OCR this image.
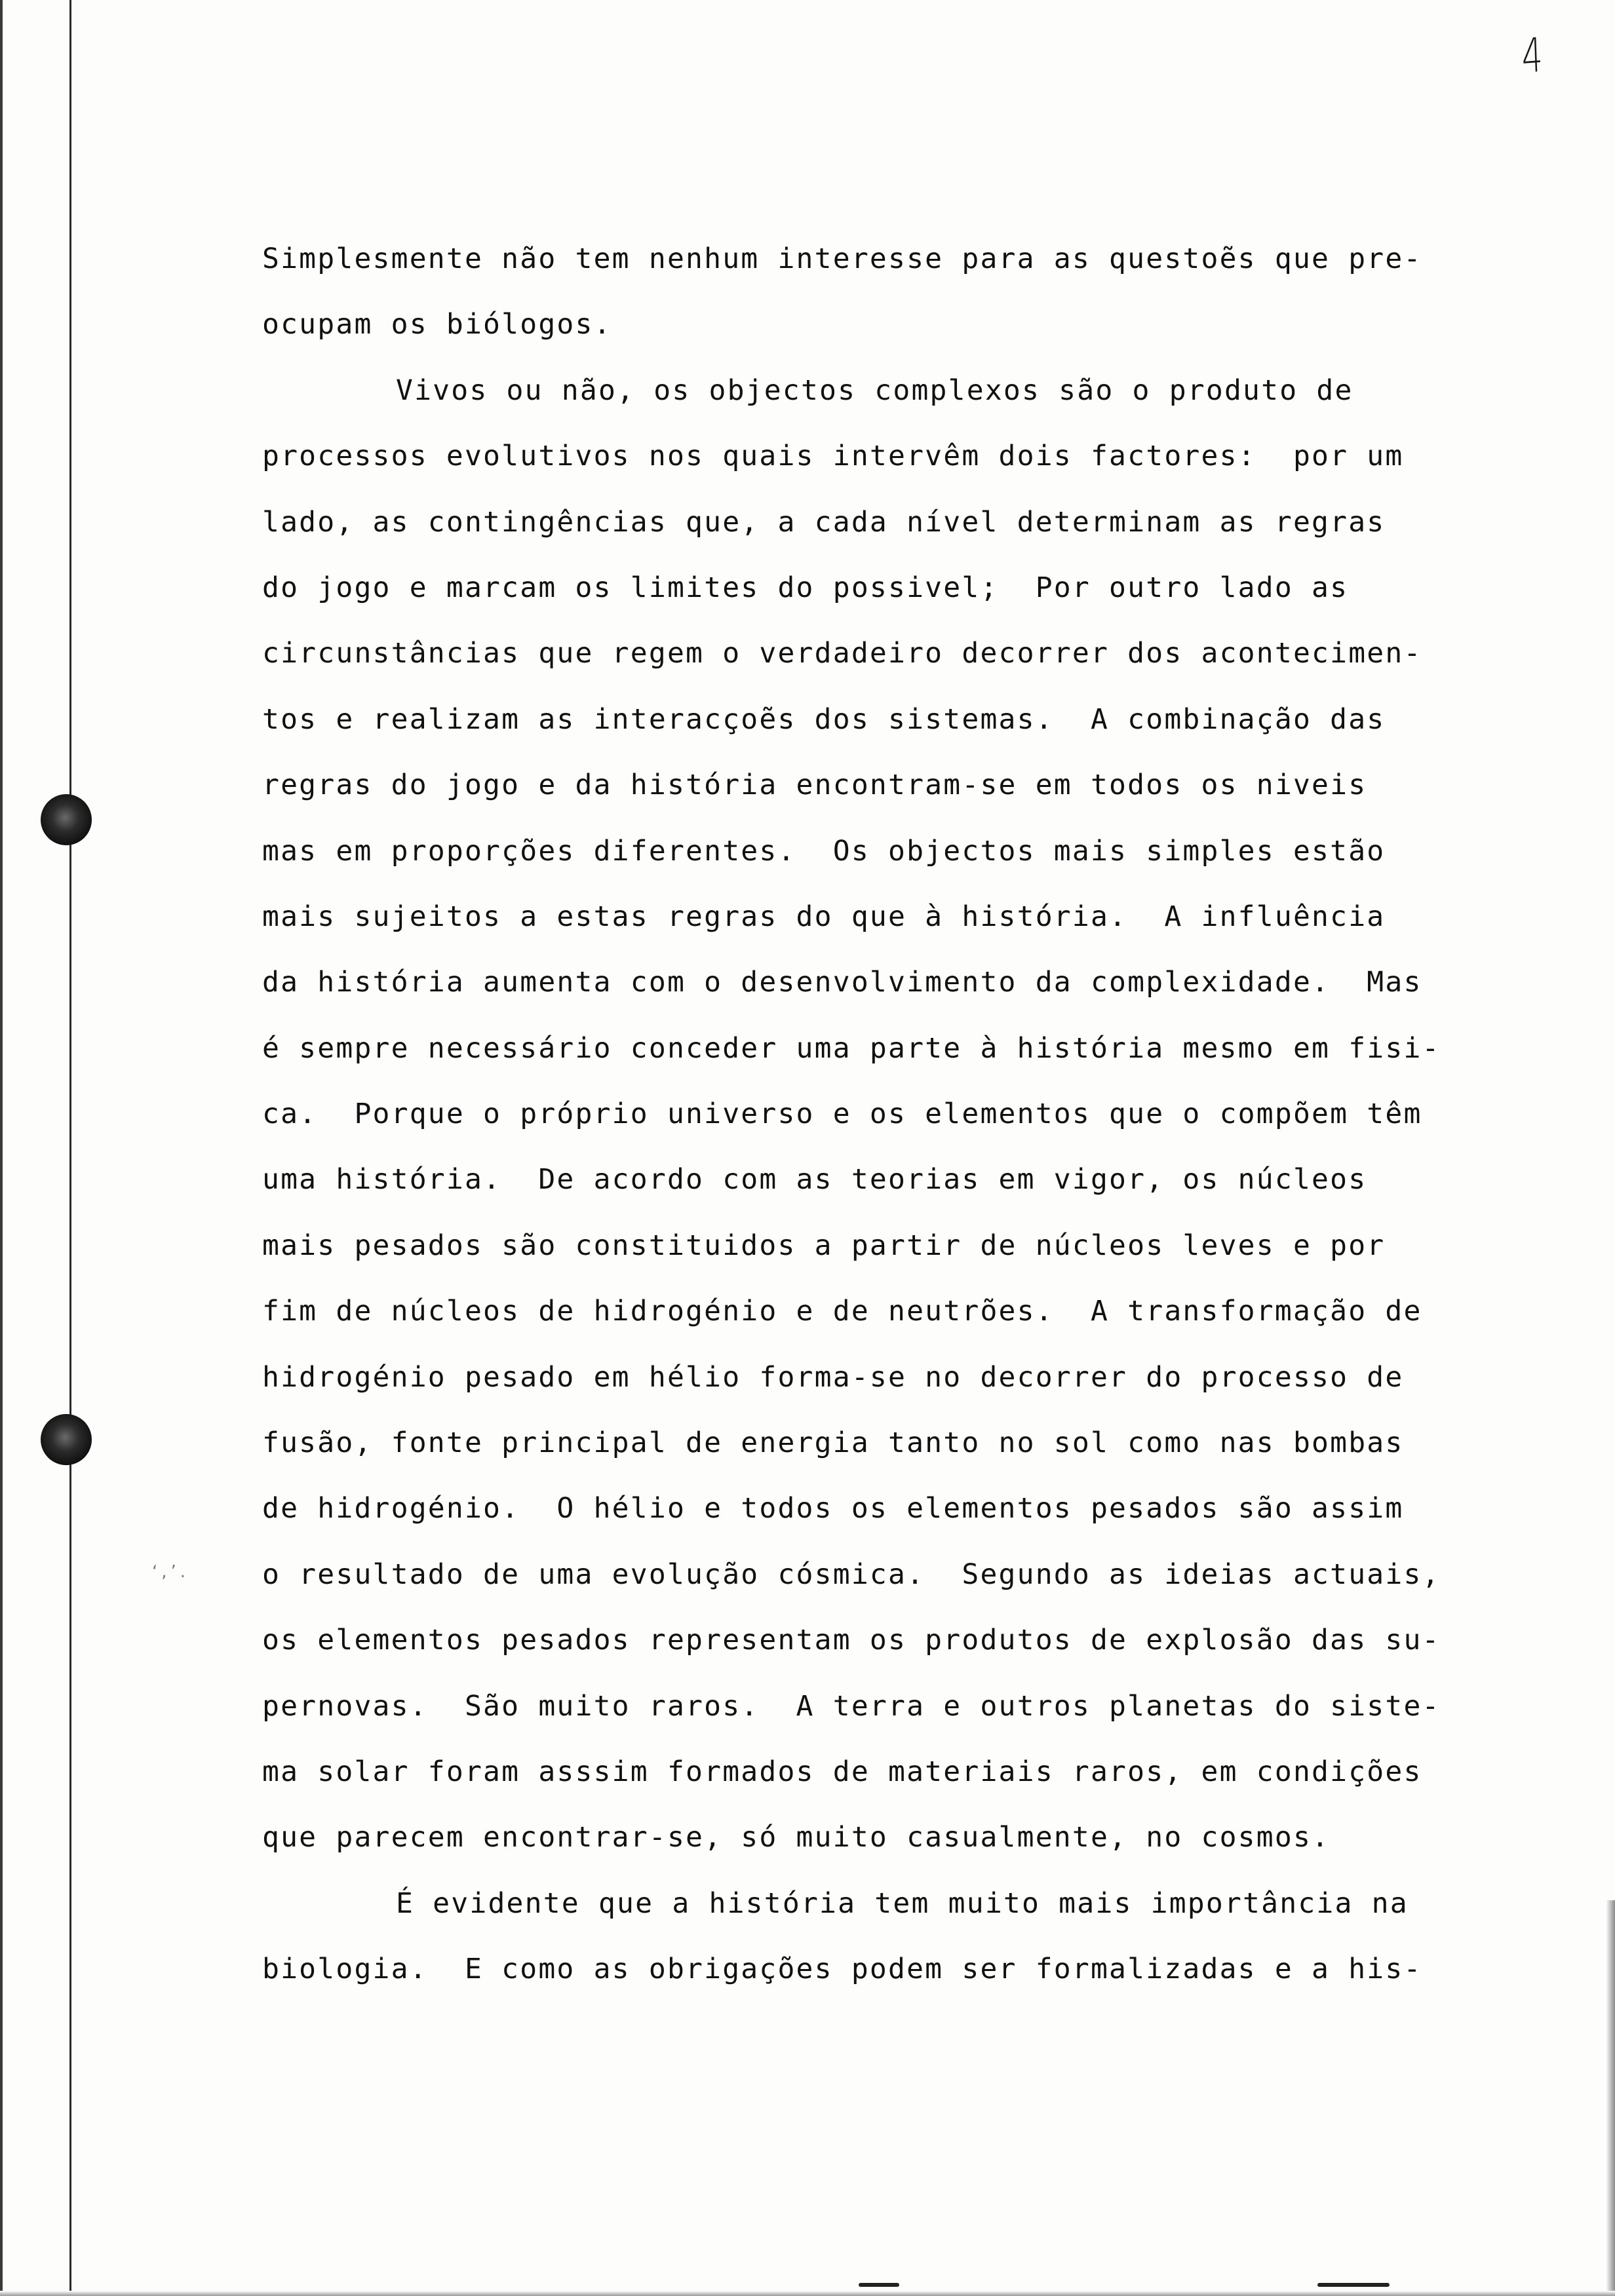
4
ʻ,ʼ.
Simplesmente não tem nenhum interesse para as questoẽs que pre-
ocupam os biólogos.
Vivos ou não, os objectos complexos são o produto de
processos evolutivos nos quais intervêm dois factores:  por um
lado, as contingências que, a cada nível determinam as regras
do jogo e marcam os limites do possivel;  Por outro lado as
circunstâncias que regem o verdadeiro decorrer dos acontecimen-
tos e realizam as interacçoẽs dos sistemas.  A combinação das
regras do jogo e da história encontram-se em todos os niveis
mas em proporções diferentes.  Os objectos mais simples estão
mais sujeitos a estas regras do que à história.  A influência
da história aumenta com o desenvolvimento da complexidade.  Mas
é sempre necessário conceder uma parte à história mesmo em fisi-
ca.  Porque o próprio universo e os elementos que o compõem têm
uma história.  De acordo com as teorias em vigor, os núcleos
mais pesados são constituidos a partir de núcleos leves e por
fim de núcleos de hidrogénio e de neutrões.  A transformação de
hidrogénio pesado em hélio forma-se no decorrer do processo de
fusão, fonte principal de energia tanto no sol como nas bombas
de hidrogénio.  O hélio e todos os elementos pesados são assim
o resultado de uma evolução cósmica.  Segundo as ideias actuais,
os elementos pesados representam os produtos de explosão das su-
pernovas.  São muito raros.  A terra e outros planetas do siste-
ma solar foram asssim formados de materiais raros, em condições
que parecem encontrar-se, só muito casualmente, no cosmos.
É evidente que a história tem muito mais importância na
biologia.  E como as obrigações podem ser formalizadas e a his-
